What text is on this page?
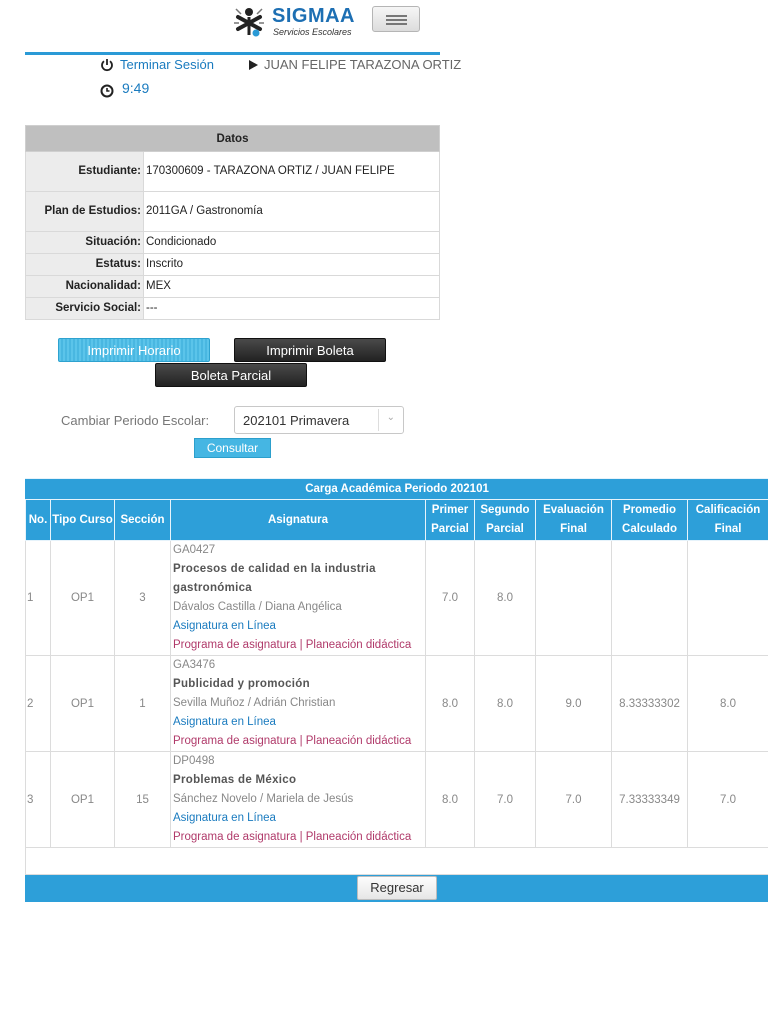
SIGMAA
Servicios Escolares
Terminar Sesión	JUAN FELIPE TARAZONA ORTIZ
9:49
Datos	
Estudiante:	170300609 - TARAZONA ORTIZ / JUAN FELIPE
Plan de Estudios:	2011GA / Gastronomía
Situación:	Condicionado
Estatus:	Inscrito
Nacionalidad:	MEX
Servicio Social:	---
Imprimir Horario	Imprimir Boleta
Boleta Parcial
Cambiar Periodo Escolar:	202101 Primavera	⌄
Consultar
Carga Académica Periodo 202101								
No.	Tipo Curso	Sección	Asignatura	Primer Parcial	Segundo Parcial	Evaluación Final	Promedio Calculado	Calificación Final
1	OP1	3	GA0427
Procesos de calidad en la industria gastronómica
Dávalos Castilla / Diana Angélica
Asignatura en Línea
Programa de asignatura | Planeación didáctica	7.0	8.0			
2	OP1	1	GA3476
Publicidad y promoción
Sevilla Muñoz / Adrián Christian
Asignatura en Línea
Programa de asignatura | Planeación didáctica	8.0	8.0	9.0	8.33333302	8.0
3	OP1	15	DP0498
Problemas de México
Sánchez Novelo / Mariela de Jesús
Asignatura en Línea
Programa de asignatura | Planeación didáctica	8.0	7.0	7.0	7.33333349	7.0

Regresar								
